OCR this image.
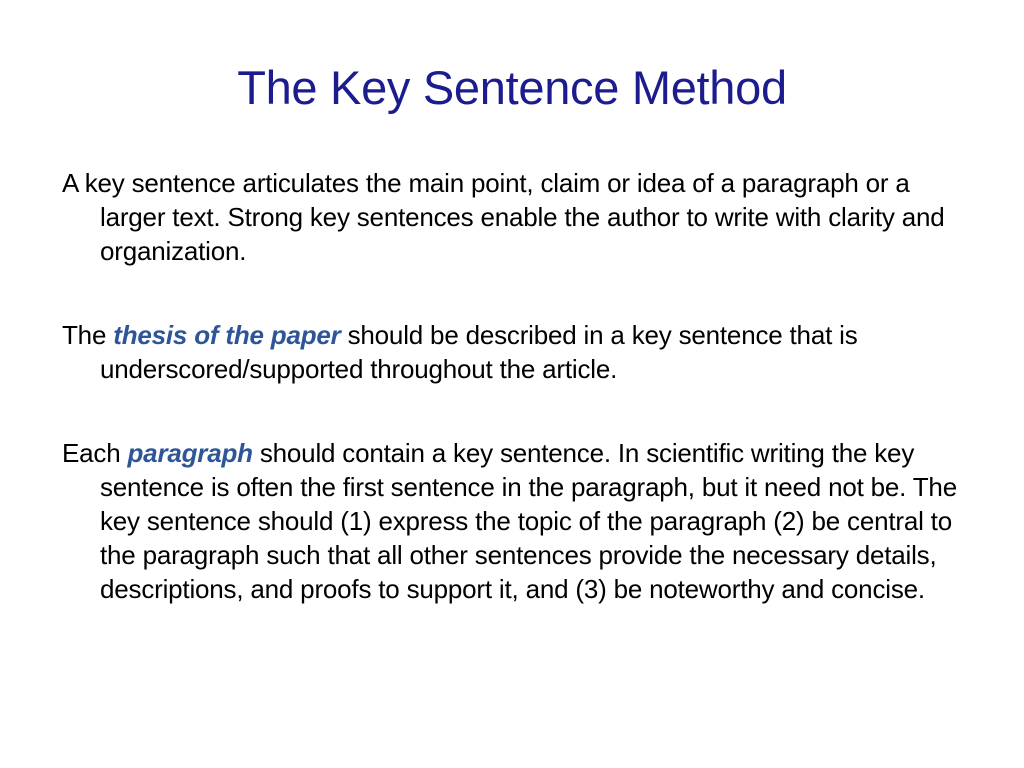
The Key Sentence Method

A key sentence articulates the main point, claim or idea of a paragraph or a larger text. Strong key sentences enable the author to write with clarity and organization.

The thesis of the paper should be described in a key sentence that is underscored/supported throughout the article.

Each paragraph should contain a key sentence. In scientific writing the key sentence is often the first sentence in the paragraph, but it need not be. The key sentence should (1) express the topic of the paragraph (2) be central to the paragraph such that all other sentences provide the necessary details, descriptions, and proofs to support it, and (3) be noteworthy and concise.
